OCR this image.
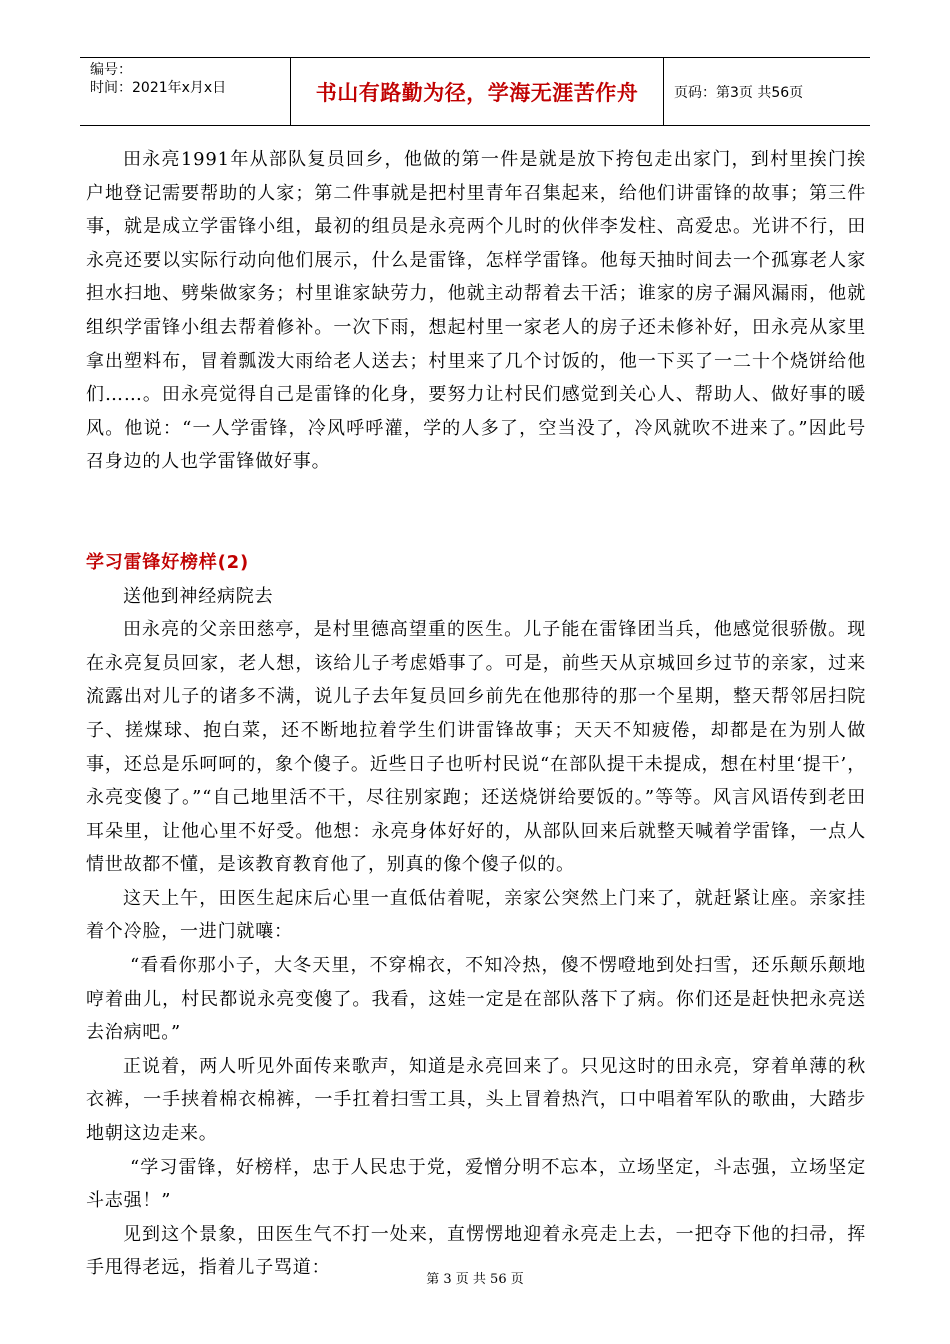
编号：
时间：2021年x月x日	书山有路勤为径，学海无涯苦作舟	页码：第3页 共56页

田永亮1991年从部队复员回乡，他做的第一件是就是放下挎包走出家门，到村里挨门挨户地登记需要帮助的人家；第二件事就是把村里青年召集起来，给他们讲雷锋的故事；第三件事，就是成立学雷锋小组，最初的组员是永亮两个儿时的伙伴李发柱、高爱忠。光讲不行，田永亮还要以实际行动向他们展示，什么是雷锋，怎样学雷锋。他每天抽时间去一个孤寡老人家担水扫地、劈柴做家务；村里谁家缺劳力，他就主动帮着去干活；谁家的房子漏风漏雨，他就组织学雷锋小组去帮着修补。一次下雨，想起村里一家老人的房子还未修补好，田永亮从家里拿出塑料布，冒着瓢泼大雨给老人送去；村里来了几个讨饭的，他一下买了一二十个烧饼给他们……。田永亮觉得自己是雷锋的化身，要努力让村民们感觉到关心人、帮助人、做好事的暖风。他说：“一人学雷锋，冷风呼呼灌，学的人多了，空当没了，冷风就吹不进来了。”因此号召身边的人也学雷锋做好事。

学习雷锋好榜样(2)

送他到神经病院去

田永亮的父亲田慈亭，是村里德高望重的医生。儿子能在雷锋团当兵，他感觉很骄傲。现在永亮复员回家，老人想，该给儿子考虑婚事了。可是，前些天从京城回乡过节的亲家，过来流露出对儿子的诸多不满，说儿子去年复员回乡前先在他那待的那一个星期，整天帮邻居扫院子、搓煤球、抱白菜，还不断地拉着学生们讲雷锋故事；天天不知疲倦，却都是在为别人做事，还总是乐呵呵的，象个傻子。近些日子也听村民说“在部队提干未提成，想在村里‘提干’，永亮变傻了。”“自己地里活不干，尽往别家跑；还送烧饼给要饭的。”等等。风言风语传到老田耳朵里，让他心里不好受。他想：永亮身体好好的，从部队回来后就整天喊着学雷锋，一点人情世故都不懂，是该教育教育他了，别真的像个傻子似的。

这天上午，田医生起床后心里一直低估着呢，亲家公突然上门来了，就赶紧让座。亲家挂着个冷脸，一进门就嚷：

“看看你那小子，大冬天里，不穿棉衣，不知冷热，傻不愣噔地到处扫雪，还乐颠乐颠地哼着曲儿，村民都说永亮变傻了。我看，这娃一定是在部队落下了病。你们还是赶快把永亮送去治病吧。”

正说着，两人听见外面传来歌声，知道是永亮回来了。只见这时的田永亮，穿着单薄的秋衣裤，一手挟着棉衣棉裤，一手扛着扫雪工具，头上冒着热汽，口中唱着军队的歌曲，大踏步地朝这边走来。

“学习雷锋，好榜样，忠于人民忠于党，爱憎分明不忘本，立场坚定，斗志强，立场坚定斗志强！”

见到这个景象，田医生气不打一处来，直愣愣地迎着永亮走上去，一把夺下他的扫帚，挥手甩得老远，指着儿子骂道：

第 3 页 共 56 页
